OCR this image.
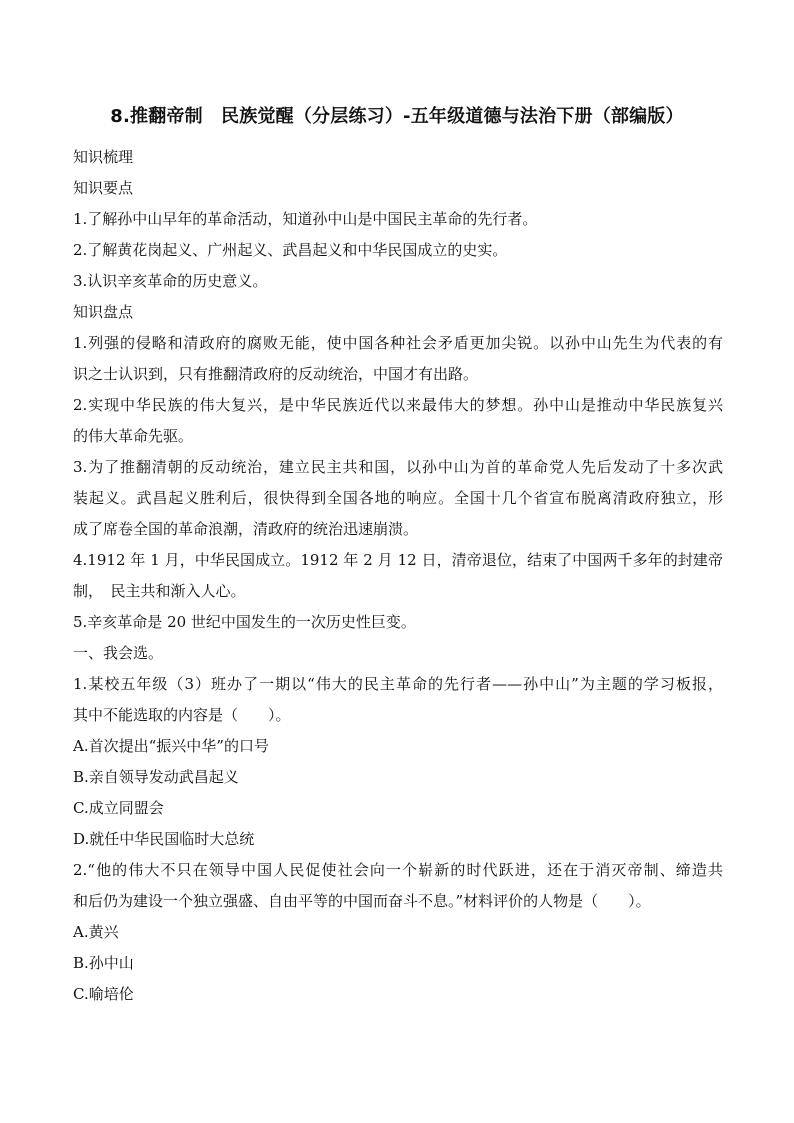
8.推翻帝制　民族觉醒（分层练习）-五年级道德与法治下册（部编版）
知识梳理
知识要点
1.了解孙中山早年的革命活动，知道孙中山是中国民主革命的先行者。
2.了解黄花岗起义、广州起义、武昌起义和中华民国成立的史实。
3.认识辛亥革命的历史意义。
知识盘点
1.列强的侵略和清政府的腐败无能，使中国各种社会矛盾更加尖锐。以孙中山先生为代表的有
识之士认识到，只有推翻清政府的反动统治，中国才有出路。
2.实现中华民族的伟大复兴，是中华民族近代以来最伟大的梦想。孙中山是推动中华民族复兴
的伟大革命先驱。
3.为了推翻清朝的反动统治，建立民主共和国，以孙中山为首的革命党人先后发动了十多次武
装起义。武昌起义胜利后，很快得到全国各地的响应。全国十几个省宣布脱离清政府独立，形
成了席卷全国的革命浪潮，清政府的统治迅速崩溃。
4.1912 年 1 月，中华民国成立。1912 年 2 月 12 日，清帝退位，结束了中国两千多年的封建帝
制，　民主共和渐入人心。
5.辛亥革命是 20 世纪中国发生的一次历史性巨变。
一、我会选。
1.某校五年级（3）班办了一期以“伟大的民主革命的先行者——孙中山”为主题的学习板报，
其中不能选取的内容是（　　）。
A.首次提出“振兴中华”的口号
B.亲自领导发动武昌起义
C.成立同盟会
D.就任中华民国临时大总统
2.“他的伟大不只在领导中国人民促使社会向一个崭新的时代跃进，还在于消灭帝制、缔造共
和后仍为建设一个独立强盛、自由平等的中国而奋斗不息。”材料评价的人物是（　　）。
A.黄兴
B.孙中山
C.喻培伦
